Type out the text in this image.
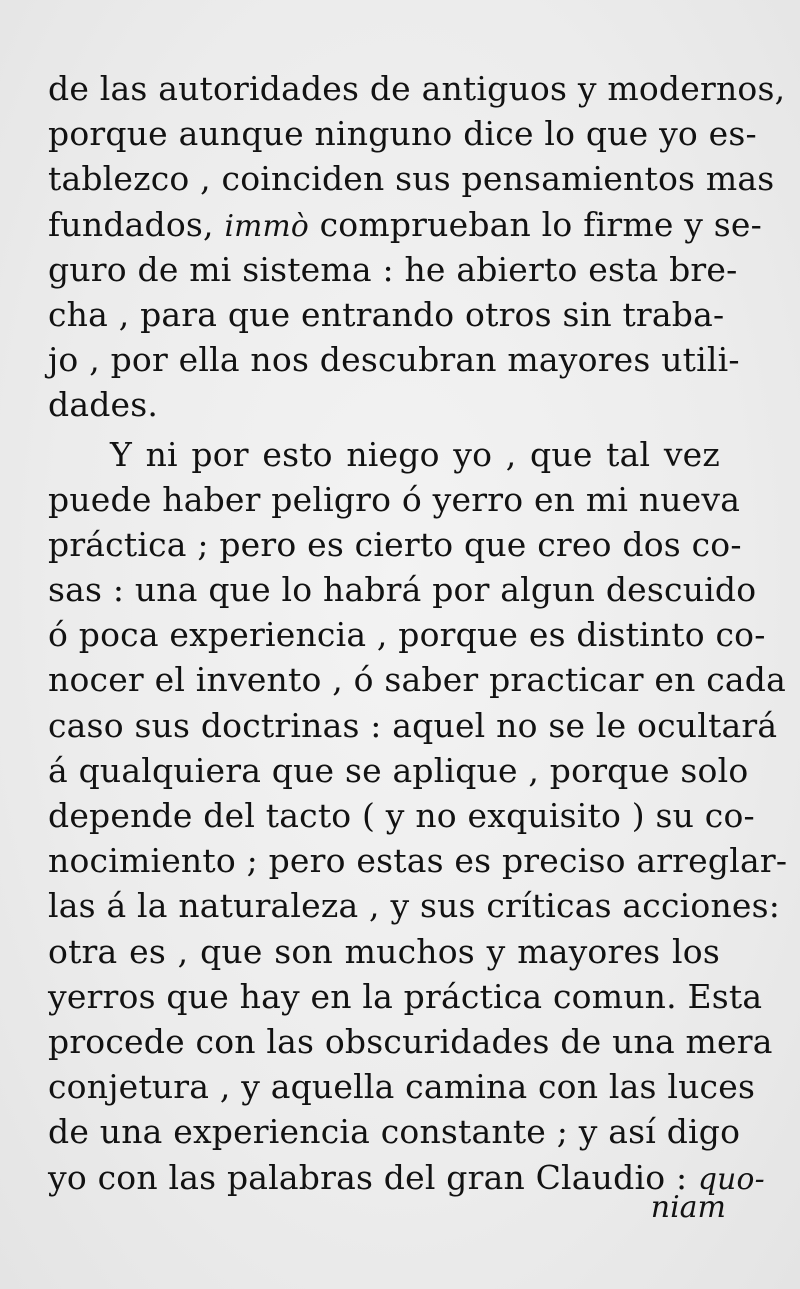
de las autoridades de antiguos y modernos,
porque aunque ninguno dice lo que yo es-
tablezco , coinciden sus pensamientos mas
fundados, immò comprueban lo firme y se-
guro de mi sistema : he abierto esta bre-
cha , para que entrando otros sin traba-
jo , por ella nos descubran mayores utili-
dades.
Y ni por esto niego yo , que tal vez
puede haber peligro ó yerro en mi nueva
práctica ; pero es cierto que creo dos co-
sas : una que lo habrá por algun descuido
ó poca experiencia , porque es distinto co-
nocer el invento , ó saber practicar en cada
caso sus doctrinas : aquel no se le ocultará
á qualquiera que se aplique , porque solo
depende del tacto ( y no exquisito ) su co-
nocimiento ; pero estas es preciso arreglar-
las á la naturaleza , y sus críticas acciones:
otra es , que son muchos y mayores los
yerros que hay en la práctica comun. Esta
procede con las obscuridades de una mera
conjetura , y aquella camina con las luces
de una experiencia constante ; y así digo
yo con las palabras del gran Claudio : quo-
niam
